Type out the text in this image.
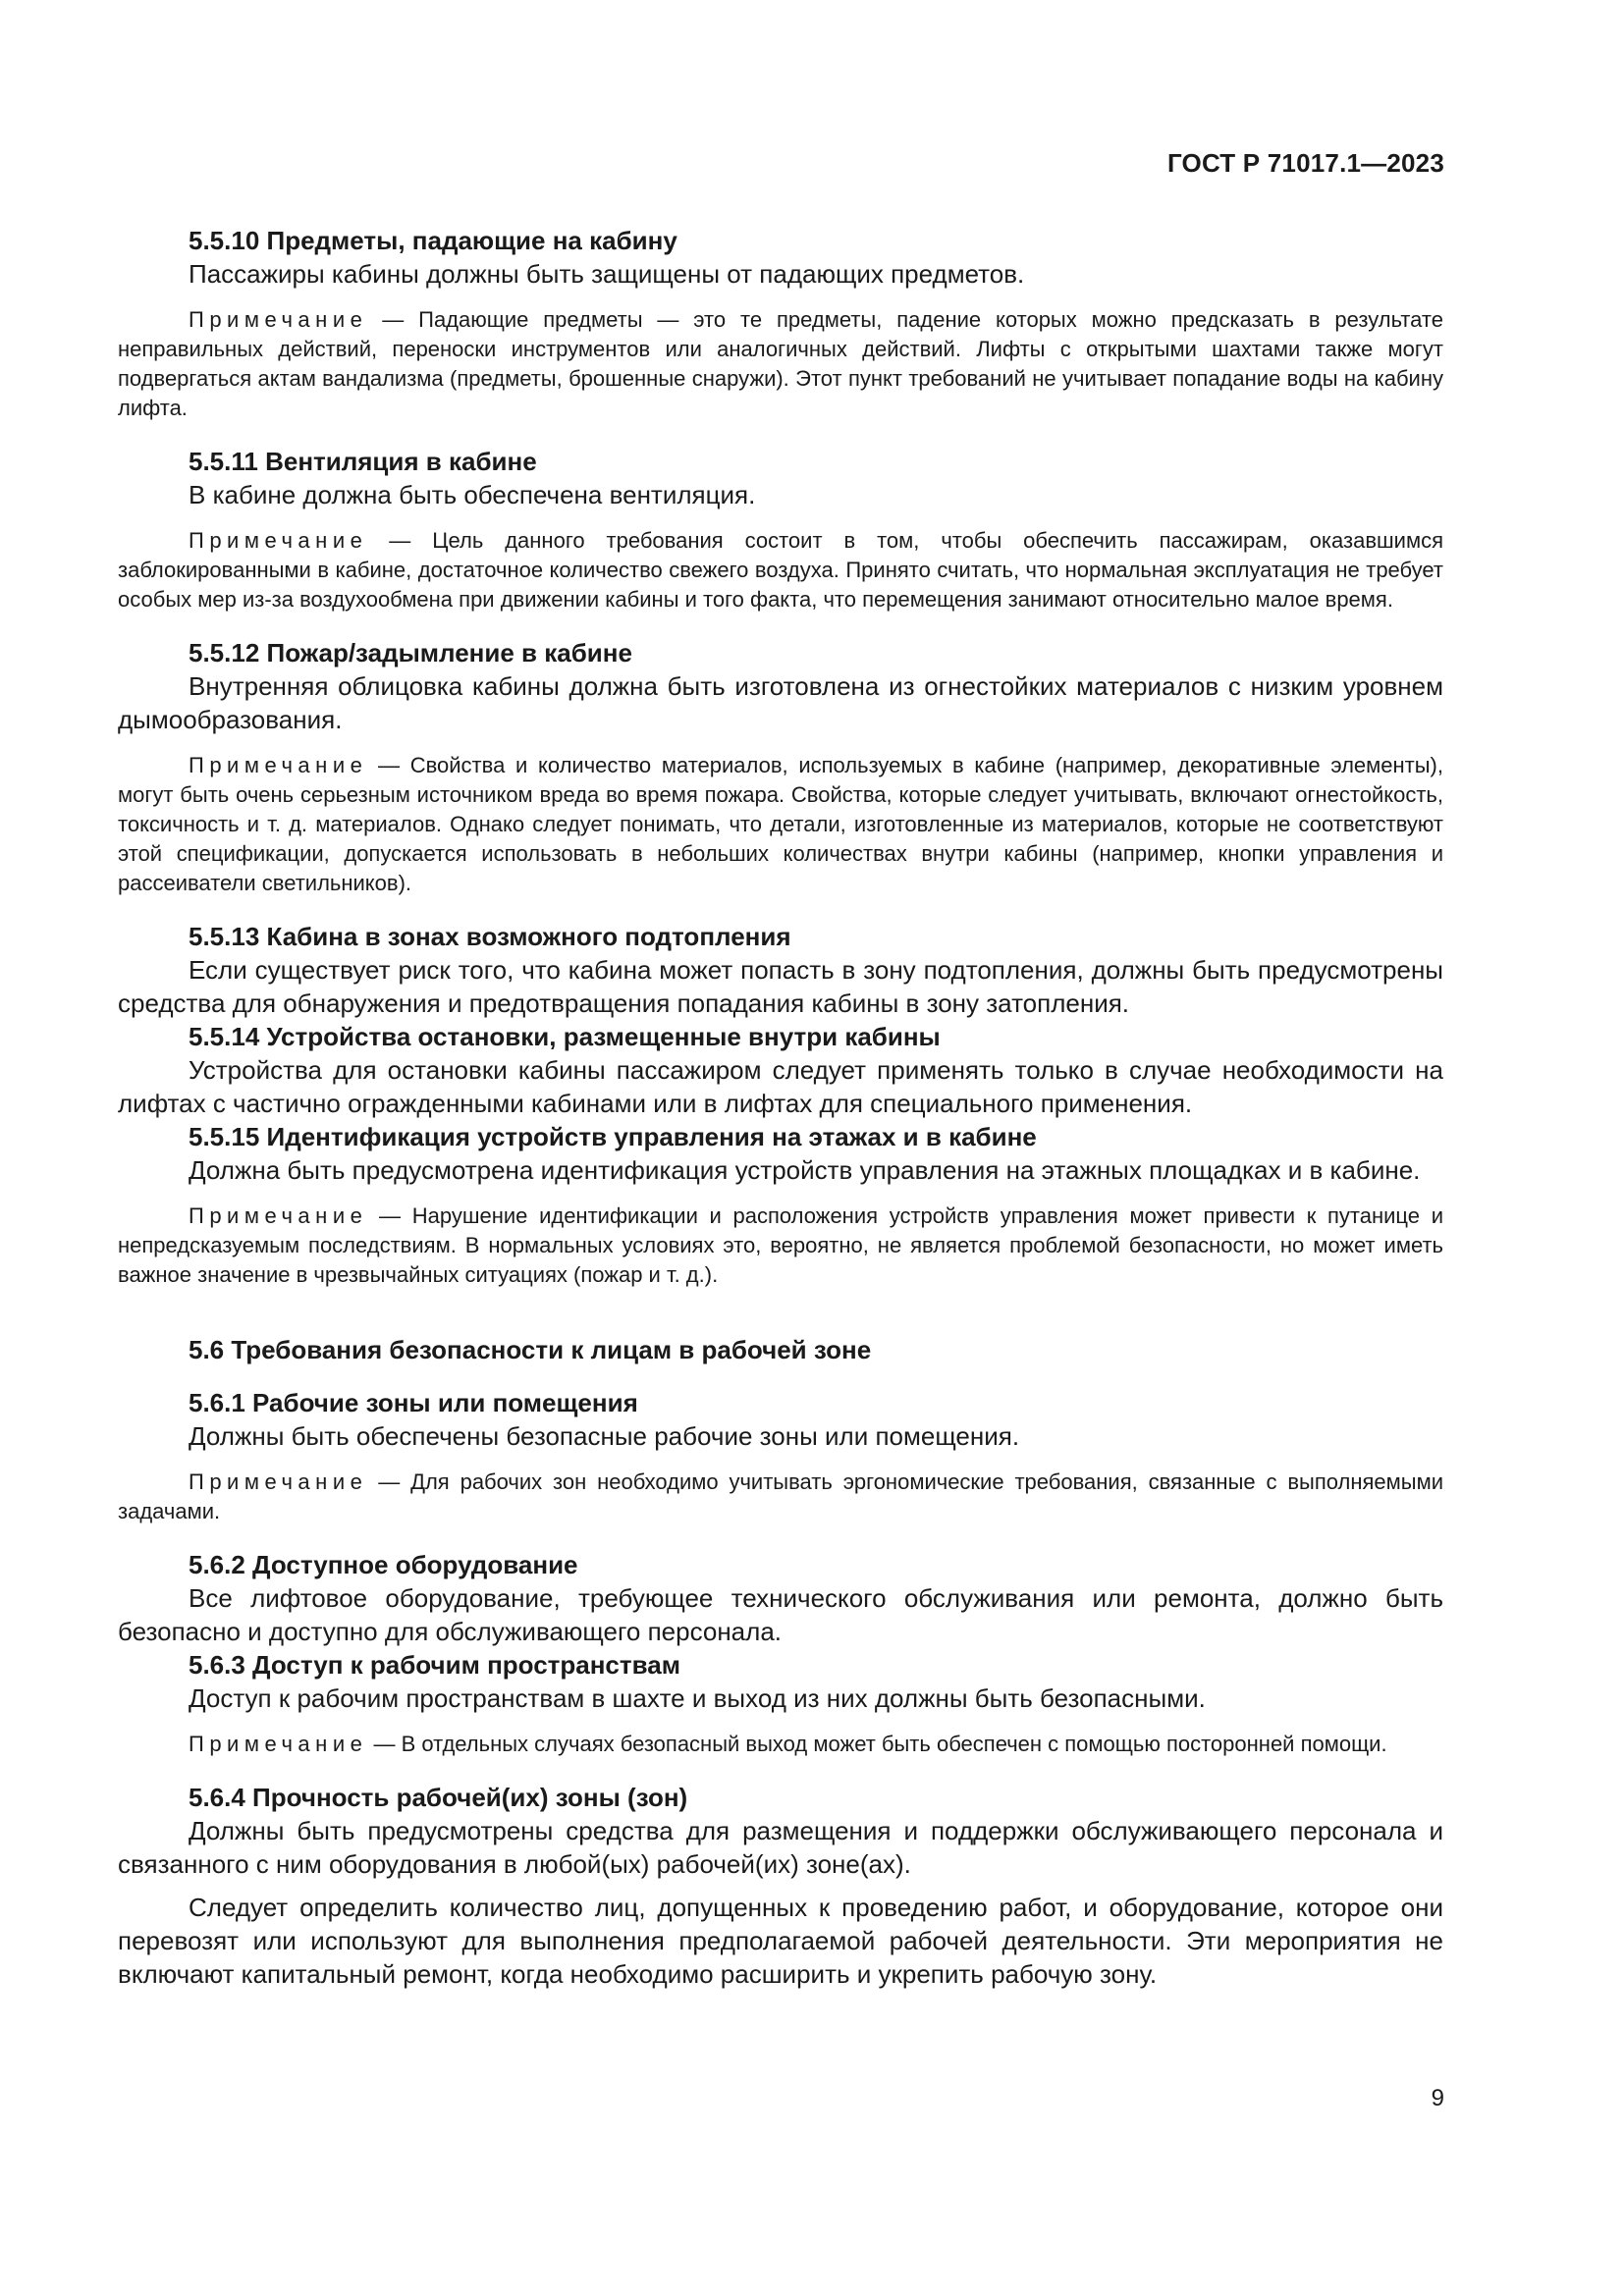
ГОСТ Р 71017.1—2023

5.5.10 Предметы, падающие на кабину

Пассажиры кабины должны быть защищены от падающих предметов.

Примечание — Падающие предметы — это те предметы, падение которых можно предсказать в результате неправильных действий, переноски инструментов или аналогичных действий. Лифты с открытыми шахтами также могут подвергаться актам вандализма (предметы, брошенные снаружи). Этот пункт требований не учитывает попадание воды на кабину лифта.

5.5.11 Вентиляция в кабине

В кабине должна быть обеспечена вентиляция.

Примечание — Цель данного требования состоит в том, чтобы обеспечить пассажирам, оказавшимся заблокированными в кабине, достаточное количество свежего воздуха. Принято считать, что нормальная эксплуатация не требует особых мер из-за воздухообмена при движении кабины и того факта, что перемещения занимают относительно малое время.

5.5.12 Пожар/задымление в кабине

Внутренняя облицовка кабины должна быть изготовлена из огнестойких материалов с низким уровнем дымообразования.

Примечание — Свойства и количество материалов, используемых в кабине (например, декоративные элементы), могут быть очень серьезным источником вреда во время пожара. Свойства, которые следует учитывать, включают огнестойкость, токсичность и т. д. материалов. Однако следует понимать, что детали, изготовленные из материалов, которые не соответствуют этой спецификации, допускается использовать в небольших количествах внутри кабины (например, кнопки управления и рассеиватели светильников).

5.5.13 Кабина в зонах возможного подтопления

Если существует риск того, что кабина может попасть в зону подтопления, должны быть предусмотрены средства для обнаружения и предотвращения попадания кабины в зону затопления.

5.5.14 Устройства остановки, размещенные внутри кабины

Устройства для остановки кабины пассажиром следует применять только в случае необходимости на лифтах с частично огражденными кабинами или в лифтах для специального применения.

5.5.15 Идентификация устройств управления на этажах и в кабине

Должна быть предусмотрена идентификация устройств управления на этажных площадках и в кабине.

Примечание — Нарушение идентификации и расположения устройств управления может привести к путанице и непредсказуемым последствиям. В нормальных условиях это, вероятно, не является проблемой безопасности, но может иметь важное значение в чрезвычайных ситуациях (пожар и т. д.).

5.6 Требования безопасности к лицам в рабочей зоне

5.6.1 Рабочие зоны или помещения

Должны быть обеспечены безопасные рабочие зоны или помещения.

Примечание — Для рабочих зон необходимо учитывать эргономические требования, связанные с выполняемыми задачами.

5.6.2 Доступное оборудование

Все лифтовое оборудование, требующее технического обслуживания или ремонта, должно быть безопасно и доступно для обслуживающего персонала.

5.6.3 Доступ к рабочим пространствам

Доступ к рабочим пространствам в шахте и выход из них должны быть безопасными.

Примечание — В отдельных случаях безопасный выход может быть обеспечен с помощью посторонней помощи.

5.6.4 Прочность рабочей(их) зоны (зон)

Должны быть предусмотрены средства для размещения и поддержки обслуживающего персонала и связанного с ним оборудования в любой(ых) рабочей(их) зоне(ах).

Следует определить количество лиц, допущенных к проведению работ, и оборудование, которое они перевозят или используют для выполнения предполагаемой рабочей деятельности. Эти мероприятия не включают капитальный ремонт, когда необходимо расширить и укрепить рабочую зону.

9
